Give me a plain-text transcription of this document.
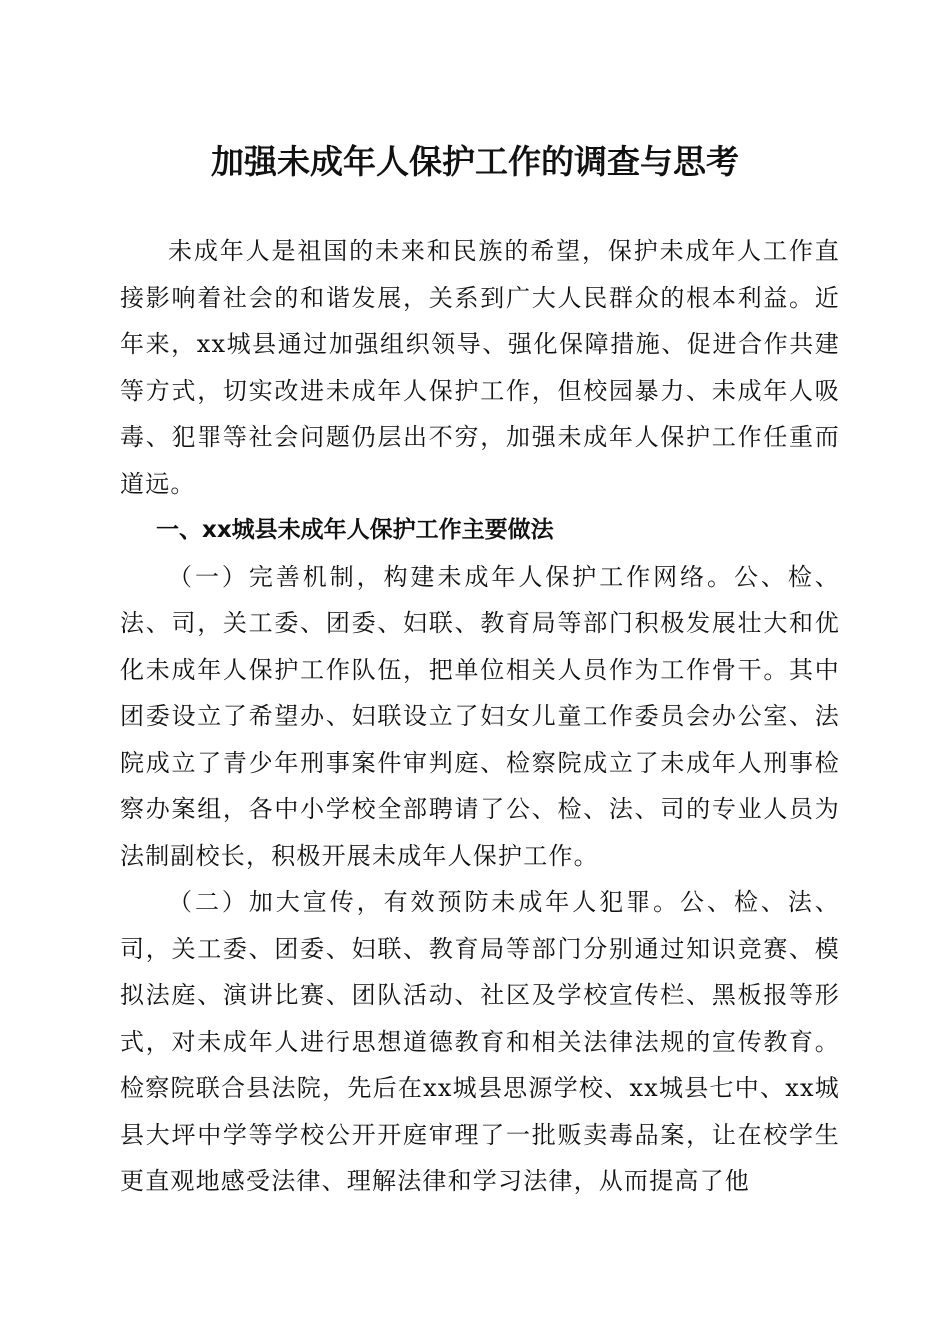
加强未成年人保护工作的调查与思考

未成年人是祖国的未来和民族的希望，保护未成年人工作直接影响着社会的和谐发展，关系到广大人民群众的根本利益。近年来，xx城县通过加强组织领导、强化保障措施、促进合作共建等方式，切实改进未成年人保护工作，但校园暴力、未成年人吸毒、犯罪等社会问题仍层出不穷，加强未成年人保护工作任重而道远。

一、xx城县未成年人保护工作主要做法

（一）完善机制，构建未成年人保护工作网络。公、检、法、司，关工委、团委、妇联、教育局等部门积极发展壮大和优化未成年人保护工作队伍，把单位相关人员作为工作骨干。其中团委设立了希望办、妇联设立了妇女儿童工作委员会办公室、法院成立了青少年刑事案件审判庭、检察院成立了未成年人刑事检察办案组，各中小学校全部聘请了公、检、法、司的专业人员为法制副校长，积极开展未成年人保护工作。

（二）加大宣传，有效预防未成年人犯罪。公、检、法、司，关工委、团委、妇联、教育局等部门分别通过知识竞赛、模拟法庭、演讲比赛、团队活动、社区及学校宣传栏、黑板报等形式，对未成年人进行思想道德教育和相关法律法规的宣传教育。检察院联合县法院，先后在xx城县思源学校、xx城县七中、xx城县大坪中学等学校公开开庭审理了一批贩卖毒品案，让在校学生更直观地感受法律、理解法律和学习法律，从而提高了他
